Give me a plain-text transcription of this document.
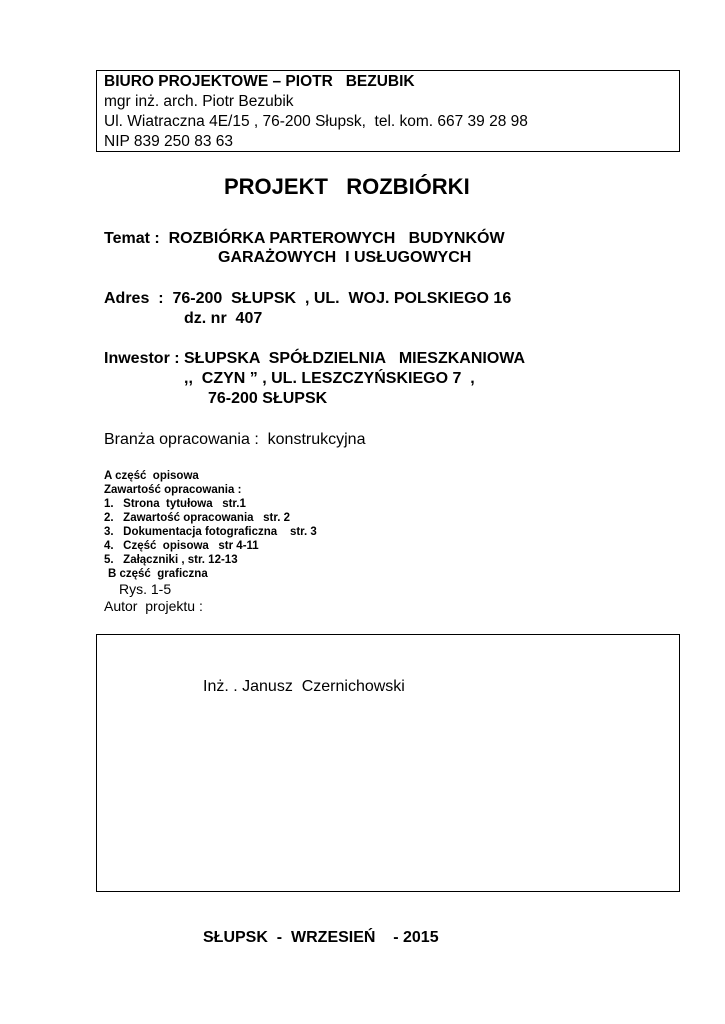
BIURO PROJEKTOWE – PIOTR   BEZUBIK
mgr inż. arch. Piotr Bezubik
Ul. Wiatraczna 4E/15 , 76-200 Słupsk,  tel. kom. 667 39 28 98
NIP 839 250 83 63
PROJEKT   ROZBIÓRKI
Temat :  ROZBIÓRKA PARTEROWYCH   BUDYNKÓW
GARAŻOWYCH  I USŁUGOWYCH
Adres  :  76-200  SŁUPSK  , UL.  WOJ. POLSKIEGO 16
dz. nr  407
Inwestor : SŁUPSKA  SPÓŁDZIELNIA   MIESZKANIOWA
,,  CZYN ” , UL. LESZCZYŃSKIEGO 7  ,
76-200 SŁUPSK
Branża opracowania :  konstrukcyjna
A część  opisowa
Zawartość opracowania :
1.   Strona  tytułowa   str.1
2.   Zawartość opracowania   str. 2
3.   Dokumentacja fotograficzna    str. 3
4.   Część  opisowa   str 4-11
5.   Załączniki , str. 12-13
B część  graficzna
Rys. 1-5
Autor  projektu :
Inż. . Janusz  Czernichowski
SŁUPSK  -  WRZESIEŃ    - 2015
